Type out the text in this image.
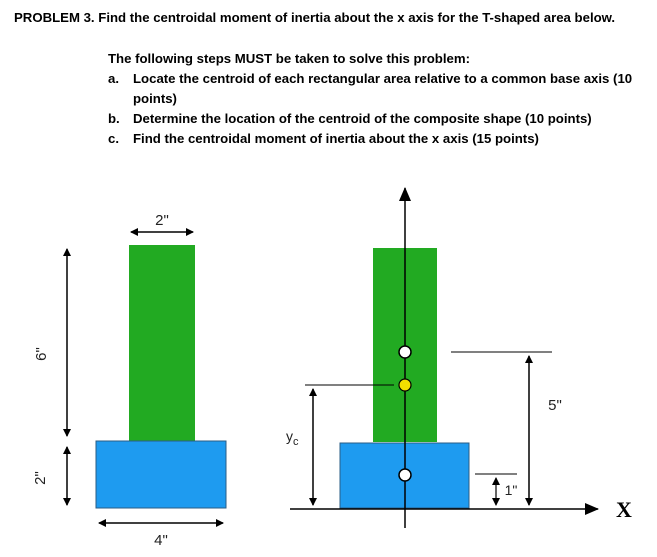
PROBLEM 3. Find the centroidal moment of inertia about the x axis for the T-shaped area below.
The following steps MUST be taken to solve this problem:
a. Locate the centroid of each rectangular area relative to a common base axis (10 points)
b. Determine the location of the centroid of the composite shape (10 points)
c. Find the centroidal moment of inertia about the x axis (15 points)
2"
6"
2"
4"
X
$y_c$
5"
1"
